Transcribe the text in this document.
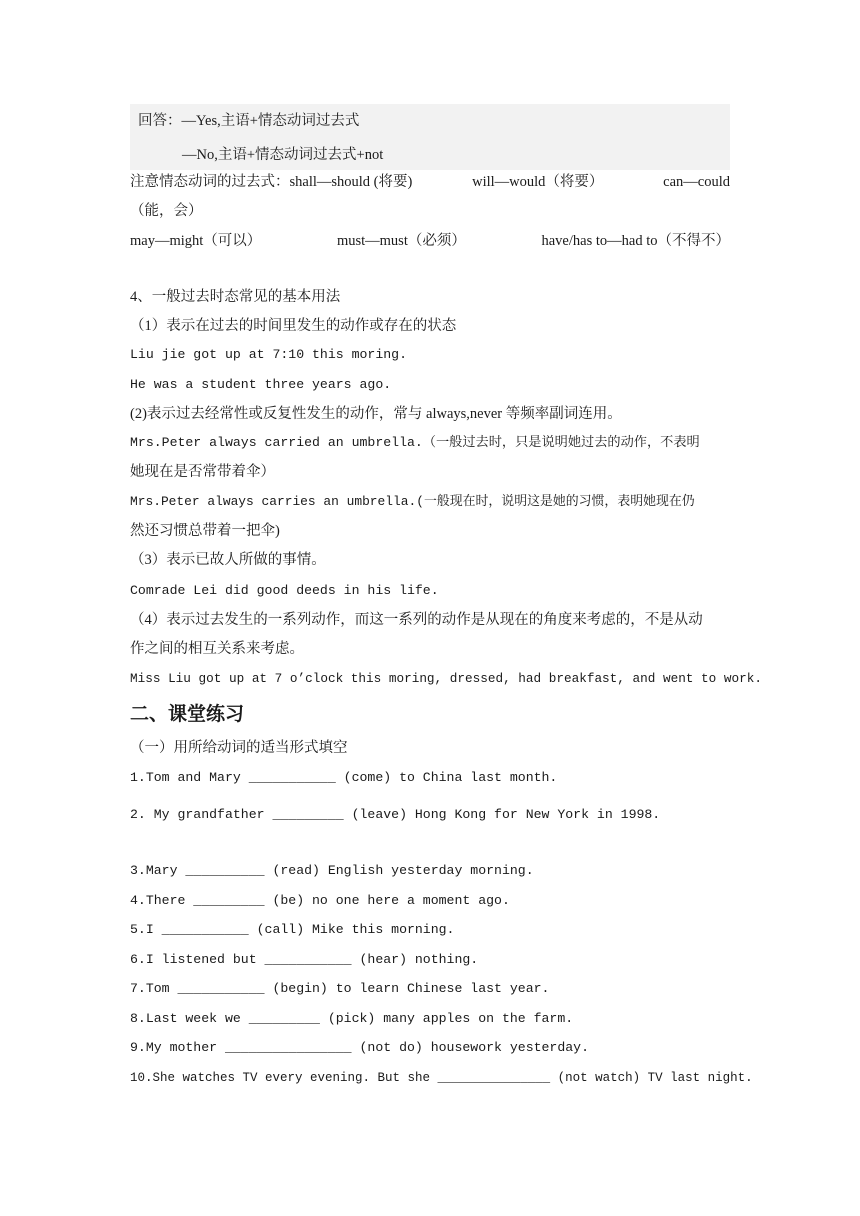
回答：—Yes,主语+情态动词过去式
—No,主语+情态动词过去式+not
注意情态动词的过去式：shall—should (将要)	will—would（将要）	can—could
（能，会）
may—might（可以）	must—must（必须）	have/has to—had to（不得不）
4、一般过去时态常见的基本用法
（1）表示在过去的时间里发生的动作或存在的状态
Liu jie got up at 7:10 this moring.
He was a student three years ago.
(2)表示过去经常性或反复性发生的动作，常与 always,never 等频率副词连用。
Mrs.Peter always carried an umbrella.（一般过去时，只是说明她过去的动作，不表明
她现在是否常带着伞）
Mrs.Peter always carries an umbrella.(一般现在时，说明这是她的习惯，表明她现在仍
然还习惯总带着一把伞)
（3）表示已故人所做的事情。
Comrade Lei did good deeds in his life.
（4）表示过去发生的一系列动作，而这一系列的动作是从现在的角度来考虑的，不是从动
作之间的相互关系来考虑。
Miss Liu got up at 7 o’clock this moring, dressed, had breakfast, and went to work.
二、课堂练习
（一）用所给动词的适当形式填空
1.Tom and Mary ___________ (come) to China last month.
2. My grandfather _________ (leave) Hong Kong for New York in 1998.
3.Mary __________ (read) English yesterday morning.
4.There _________ (be) no one here a moment ago.
5.I ___________ (call) Mike this morning.
6.I listened but ___________ (hear) nothing.
7.Tom ___________ (begin) to learn Chinese last year.
8.Last week we _________ (pick) many apples on the farm.
9.My mother ________________ (not do) housework yesterday.
10.She watches TV every evening. But she _______________ (not watch) TV last night.
